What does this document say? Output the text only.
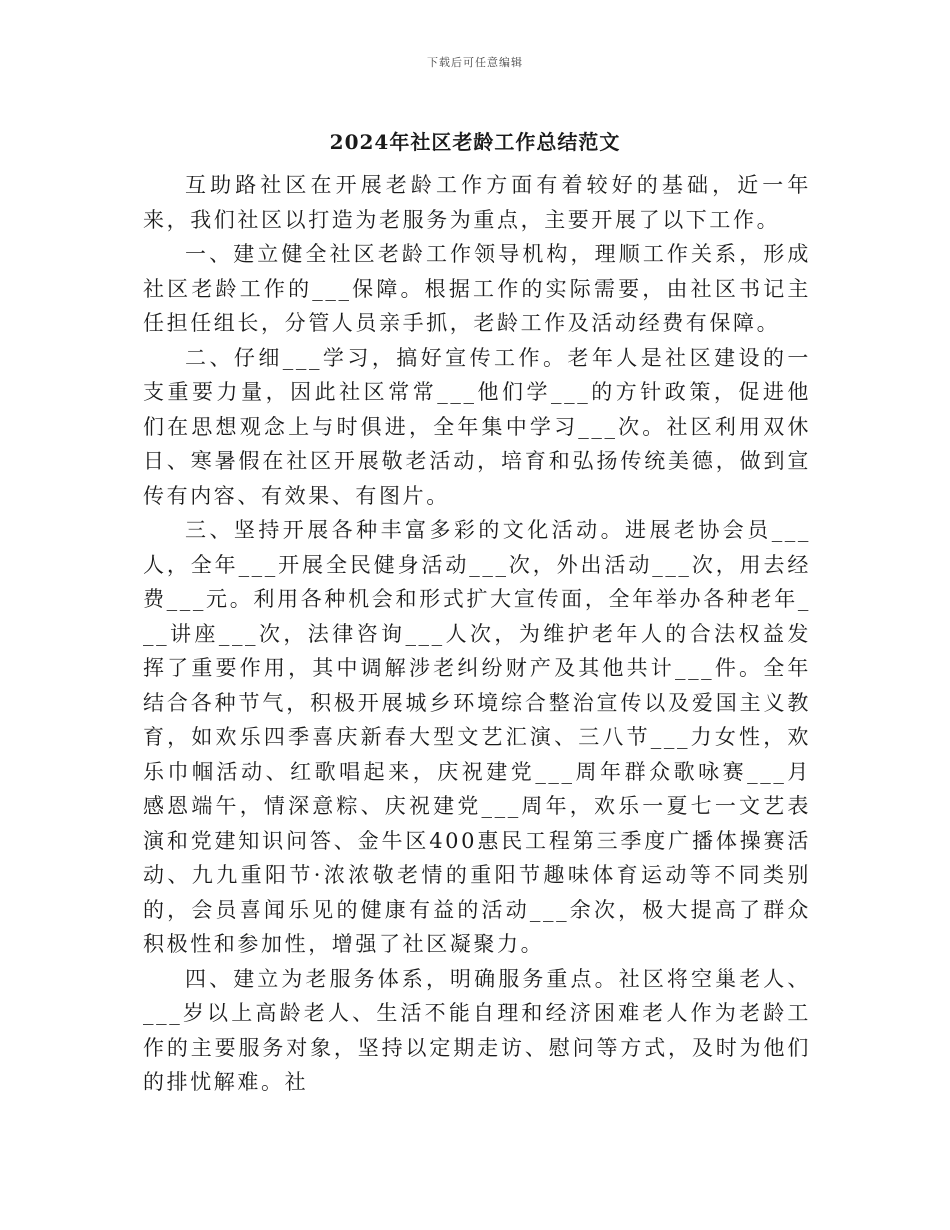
下载后可任意编辑
2024年社区老龄工作总结范文

互助路社区在开展老龄工作方面有着较好的基础，近一年来，我们社区以打造为老服务为重点，主要开展了以下工作。

一、建立健全社区老龄工作领导机构，理顺工作关系，形成社区老龄工作的___保障。根据工作的实际需要，由社区书记主任担任组长，分管人员亲手抓，老龄工作及活动经费有保障。

二、仔细___学习，搞好宣传工作。老年人是社区建设的一支重要力量，因此社区常常___他们学___的方针政策，促进他们在思想观念上与时俱进，全年集中学习___次。社区利用双休日、寒暑假在社区开展敬老活动，培育和弘扬传统美德，做到宣传有内容、有效果、有图片。

三、坚持开展各种丰富多彩的文化活动。进展老协会员___人，全年___开展全民健身活动___次，外出活动___次，用去经费___元。利用各种机会和形式扩大宣传面，全年举办各种老年___讲座___次，法律咨询___人次，为维护老年人的合法权益发挥了重要作用，其中调解涉老纠纷财产及其他共计___件。全年结合各种节气，积极开展城乡环境综合整治宣传以及爱国主义教育，如欢乐四季喜庆新春大型文艺汇演、三八节___力女性，欢乐巾帼活动、红歌唱起来，庆祝建党___周年群众歌咏赛___月感恩端午，情深意粽、庆祝建党___周年，欢乐一夏七一文艺表演和党建知识问答、金牛区400惠民工程第三季度广播体操赛活动、九九重阳节·浓浓敬老情的重阳节趣味体育运动等不同类别的，会员喜闻乐见的健康有益的活动___余次，极大提高了群众积极性和参加性，增强了社区凝聚力。

四、建立为老服务体系，明确服务重点。社区将空巢老人、___岁以上高龄老人、生活不能自理和经济困难老人作为老龄工作的主要服务对象，坚持以定期走访、慰问等方式，及时为他们的排忧解难。社
